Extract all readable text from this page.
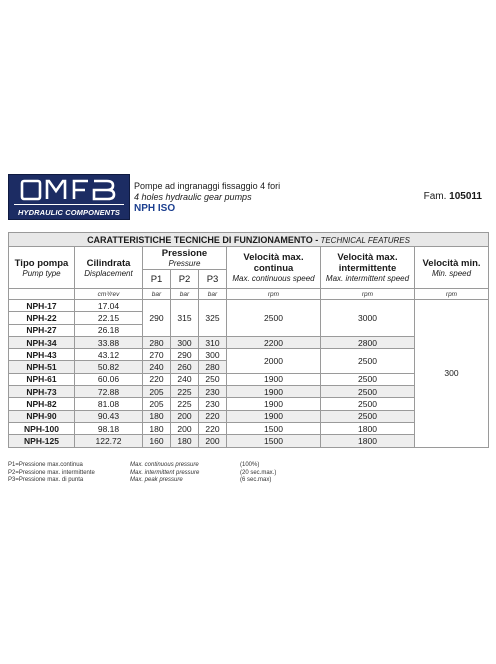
HYDRAULIC COMPONENTS
Pompe ad ingranaggi fissaggio 4 fori
4 holes hydraulic gear pumps
NPH ISO
Fam. 105011
CARATTERISTICHE TECNICHE DI FUNZIONAMENTO - TECHNICAL FEATURES							
Tipo pompa
Pump type	Cilindrata
Displacement	Pressione
Pressure			Velocità max. continua
Max. continuous speed	Velocità max. intermittente
Max. intermittent speed	Velocità min.
Min. speed

		P1	P2	P3			
	cm³/rev	bar	bar	bar	rpm	rpm	rpm
NPH-17	17.04	290	315	325	2500	3000	300
NPH-22	22.15						
NPH-27	26.18						
NPH-34	33.88	280	300	310	2200	2800	
NPH-43	43.12	270	290	300	2000	2500	
NPH-51	50.82	240	260	280			
NPH-61	60.06	220	240	250	1900	2500	
NPH-73	72.88	205	225	230	1900	2500	
NPH-82	81.08	205	225	230	1900	2500	
NPH-90	90.43	180	200	220	1900	2500	
NPH-100	98.18	180	200	220	1500	1800	
NPH-125	122.72	160	180	200	1500	1800	
P1=Pressione max.continua	Max. continuous pressure	(100%)
P2=Pressione max. intermittente	Max. intermittent pressure	(20 sec.max.)
P3=Pressione max. di punta	Max. peak pressure	(6 sec.max)
